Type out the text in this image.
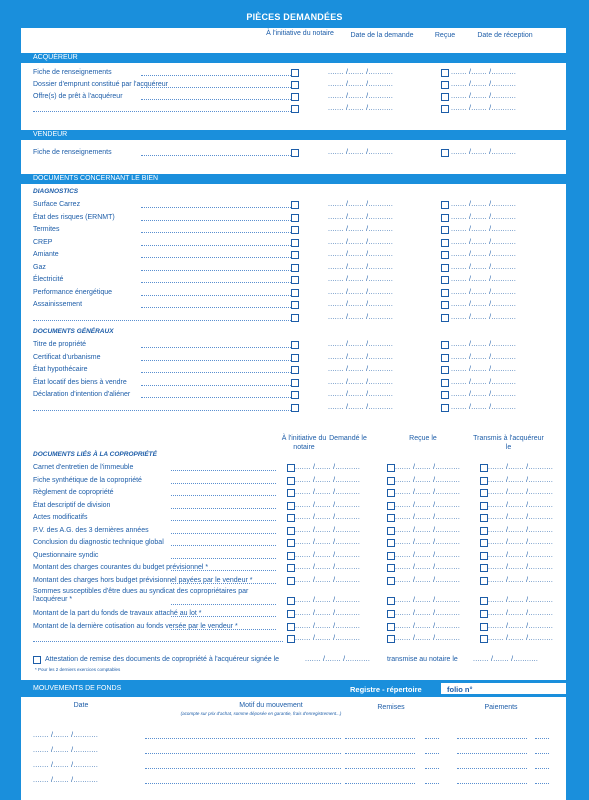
PIÈCES DEMANDÉES
À l'initiative du notaire	Date de la demande	Reçue	Date de réception
ACQUÉREUR
Fiche de renseignements	....... /....... /...........	....... /....... /...........
Dossier d'emprunt constitué par l'acquéreur	....... /....... /...........	....... /....... /...........
Offre(s) de prêt à l'acquéreur	....... /....... /...........	....... /....... /...........
....... /....... /...........	....... /....... /...........
VENDEUR
Fiche de renseignements	....... /....... /...........	....... /....... /...........
DOCUMENTS CONCERNANT LE BIEN
DIAGNOSTICS
Surface Carrez	....... /....... /...........	....... /....... /...........
État des risques (ERNMT)	....... /....... /...........	....... /....... /...........
Termites	....... /....... /...........	....... /....... /...........
CREP	....... /....... /...........	....... /....... /...........
Amiante	....... /....... /...........	....... /....... /...........
Gaz	....... /....... /...........	....... /....... /...........
Électricité	....... /....... /...........	....... /....... /...........
Performance énergétique	....... /....... /...........	....... /....... /...........
Assainissement	....... /....... /...........	....... /....... /...........
....... /....... /...........	....... /....... /...........
DOCUMENTS GÉNÉRAUX
Titre de propriété	....... /....... /...........	....... /....... /...........
Certificat d'urbanisme	....... /....... /...........	....... /....... /...........
État hypothécaire	....... /....... /...........	....... /....... /...........
État locatif des biens à vendre	....... /....... /...........	....... /....... /...........
Déclaration d'intention d'aliéner	....... /....... /...........	....... /....... /...........
....... /....... /...........	....... /....... /...........
À l'initiative du notaire
Demandé le	Reçue le	Transmis à l'acquéreur le
DOCUMENTS LIÉS À LA COPROPRIÉTÉ
Carnet d'entretien de l'immeuble	....... /....... /...........	....... /....... /...........	....... /....... /...........
Fiche synthétique de la copropriété	....... /....... /...........	....... /....... /...........	....... /....... /...........
Règlement de copropriété	....... /....... /...........	....... /....... /...........	....... /....... /...........
État descriptif de division	....... /....... /...........	....... /....... /...........	....... /....... /...........
Actes modificatifs	....... /....... /...........	....... /....... /...........	....... /....... /...........
P.V. des A.G. des 3 dernières années	....... /....... /...........	....... /....... /...........	....... /....... /...........
Conclusion du diagnostic technique global	....... /....... /...........	....... /....... /...........	....... /....... /...........
Questionnaire syndic	....... /....... /...........	....... /....... /...........	....... /....... /...........
Montant des charges courantes du budget prévisionnel *	....... /....... /...........	....... /....... /...........	....... /....... /...........
Montant des charges hors budget prévisionnel payées par le vendeur *	....... /....... /...........	....... /....... /...........	....... /....... /...........
Sommes susceptibles d'être dues au syndicat des copropriétaires par l'acquéreur *	....... /....... /...........	....... /....... /...........	....... /....... /...........
Montant de la part du fonds de travaux attaché au lot *	....... /....... /...........	....... /....... /...........	....... /....... /...........
Montant de la dernière cotisation au fonds versée par le vendeur *	....... /....... /...........	....... /....... /...........	....... /....... /...........
....... /....... /...........	....... /....... /...........	....... /....... /...........
Attestation de remise des documents de copropriété à l'acquéreur signée le	....... /....... /........... transmise au notaire le ....... /....... /...........
* Pour les 2 derniers exercices comptables
MOUVEMENTS DE FONDS	Registre - répertoire	folio n°
Date	Motif du mouvement
(acompte sur prix d'achat, somme déposée en garantie, frais d'enregistrement...)
Remises	Paiements
....... /....... /...........
....... /....... /...........
....... /....... /...........
....... /....... /...........
